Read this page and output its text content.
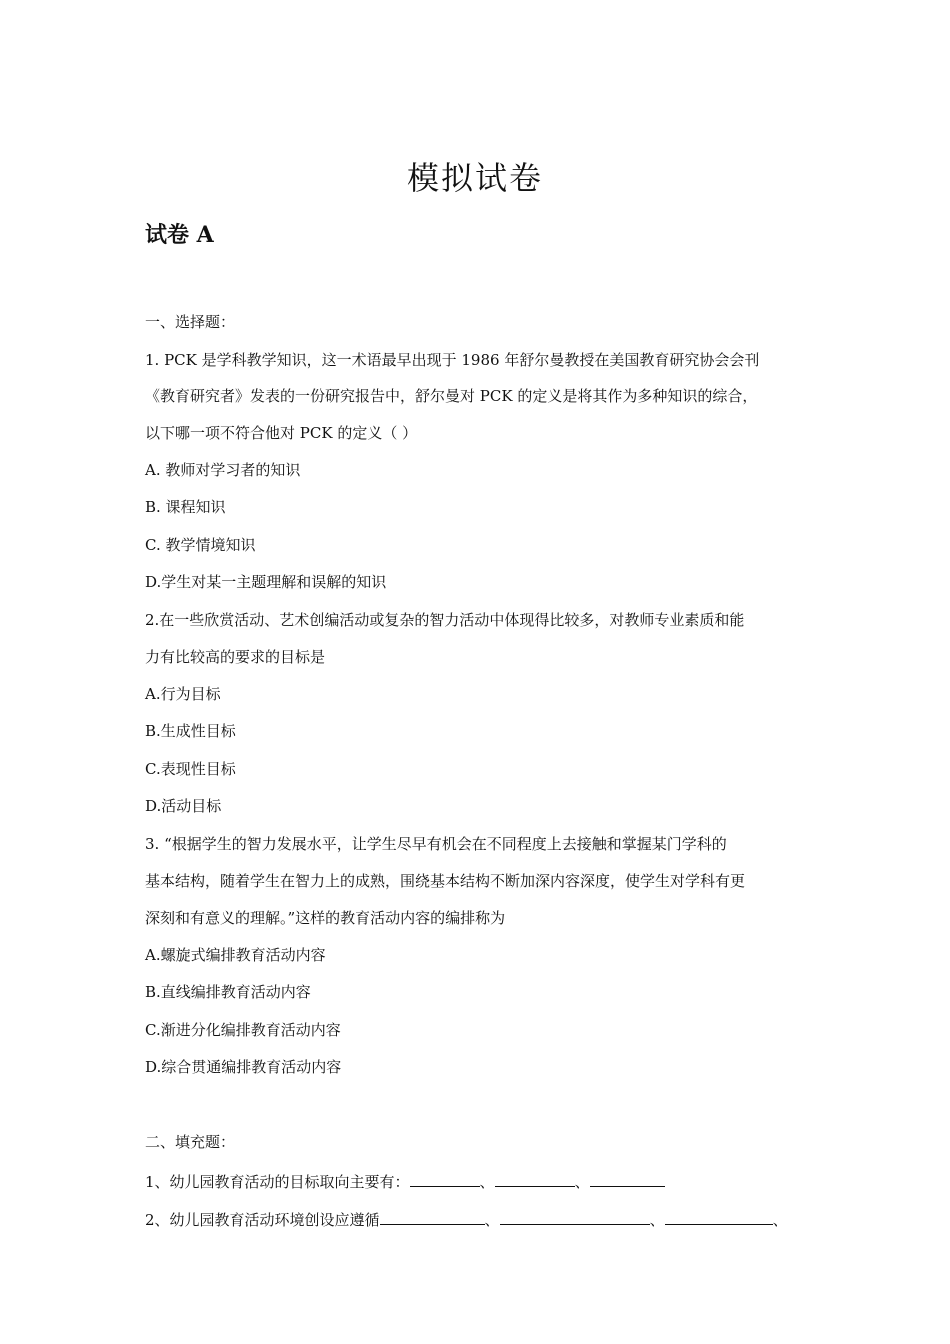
模拟试卷
试卷 A
一、选择题：
1. PCK 是学科教学知识，这一术语最早出现于 1986 年舒尔曼教授在美国教育研究协会会刊
《教育研究者》发表的一份研究报告中，舒尔曼对 PCK 的定义是将其作为多种知识的综合，
以下哪一项不符合他对 PCK 的定义（ ）
A. 教师对学习者的知识
B. 课程知识
C. 教学情境知识
D.学生对某一主题理解和误解的知识
2.在一些欣赏活动、艺术创编活动或复杂的智力活动中体现得比较多，对教师专业素质和能
力有比较高的要求的目标是
A.行为目标
B.生成性目标
C.表现性目标
D.活动目标
3. “根据学生的智力发展水平，让学生尽早有机会在不同程度上去接触和掌握某门学科的
基本结构，随着学生在智力上的成熟，围绕基本结构不断加深内容深度，使学生对学科有更
深刻和有意义的理解。”这样的教育活动内容的编排称为
A.螺旋式编排教育活动内容
B.直线编排教育活动内容
C.渐进分化编排教育活动内容
D.综合贯通编排教育活动内容
二、填充题：
1、幼儿园教育活动的目标取向主要有：	、	、
2、幼儿园教育活动环境创设应遵循	、	、	、
